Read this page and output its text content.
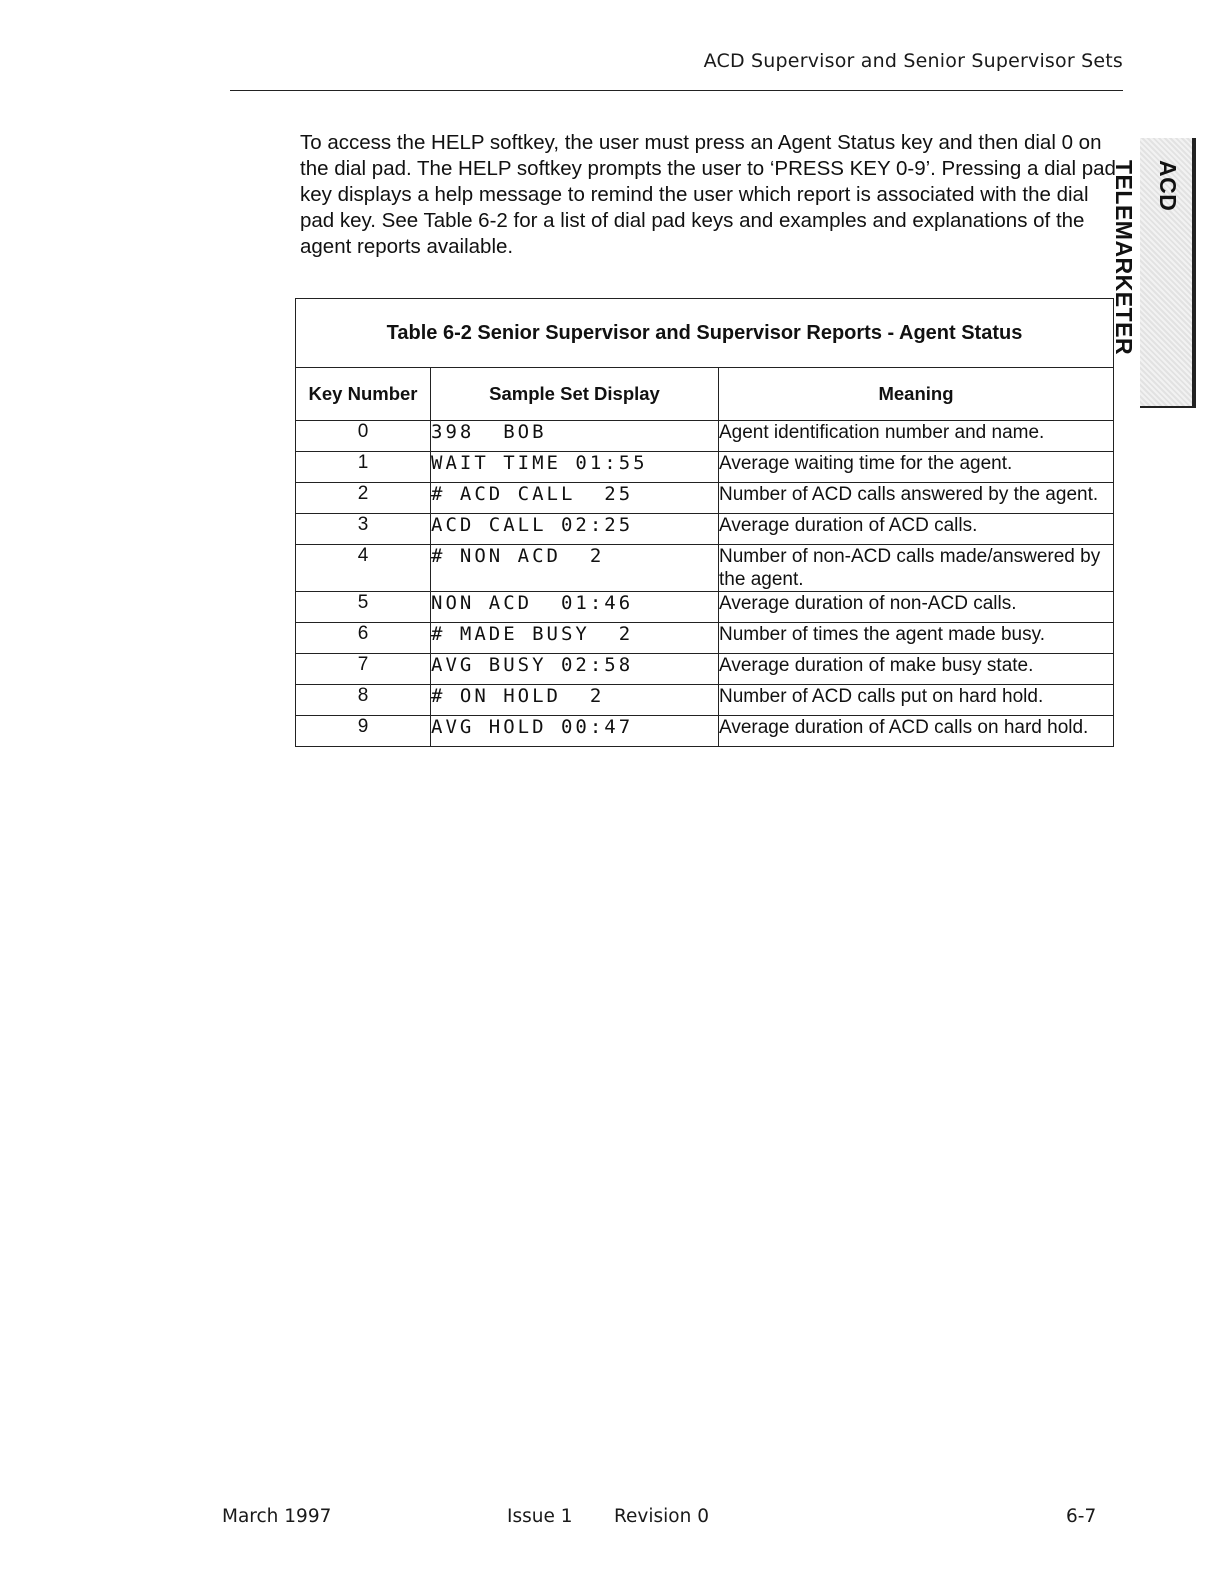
ACD Supervisor and Senior Supervisor Sets
ACD TELEMARKETER

To access the HELP softkey, the user must press an Agent Status key and then dial 0 on the dial pad. The HELP softkey prompts the user to ‘PRESS KEY 0-9’. Pressing a dial pad key displays a help message to remind the user which report is associated with the dial pad key. See Table 6-2 for a list of dial pad keys and examples and explanations of the agent reports available.

Table 6-2 Senior Supervisor and Supervisor Reports - Agent Status		
Key Number	Sample Set Display	Meaning
0	398  BOB	Agent identification number and name.
1	WAIT TIME 01:55	Average waiting time for the agent.
2	# ACD CALL  25	Number of ACD calls answered by the agent.
3	ACD CALL 02:25	Average duration of ACD calls.
4	# NON ACD  2	Number of non-ACD calls made/answered by the agent.
5	NON ACD  01:46	Average duration of non-ACD calls.
6	# MADE BUSY  2	Number of times the agent made busy.
7	AVG BUSY 02:58	Average duration of make busy state.
8	# ON HOLD  2	Number of ACD calls put on hard hold.
9	AVG HOLD 00:47	Average duration of ACD calls on hard hold.
March 1997	Issue 1 Revision 0	6-7
